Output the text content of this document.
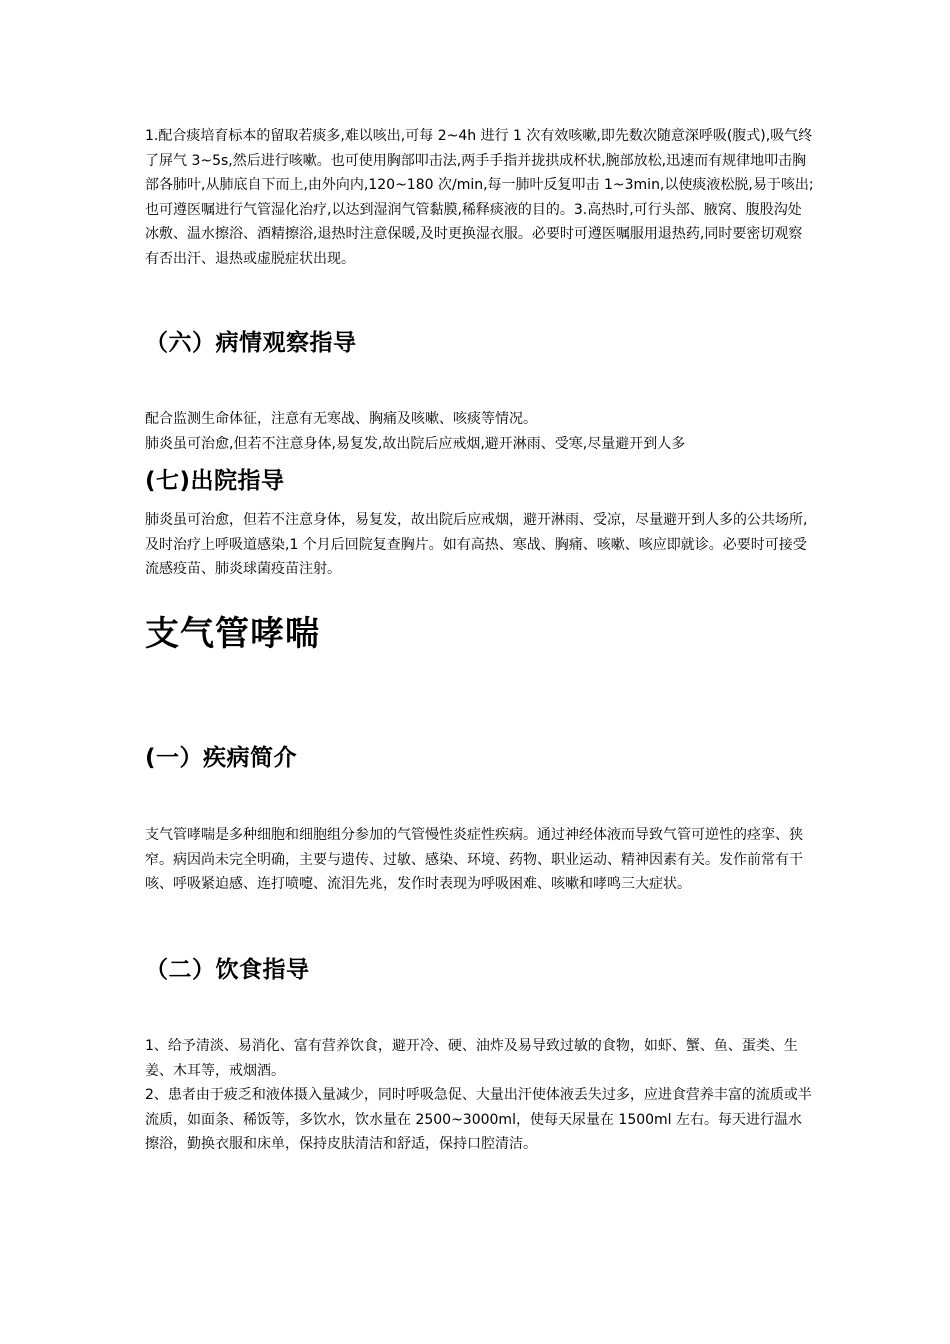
1.配合痰培育标本的留取若痰多,难以咳出,可每 2~4h 进行 1 次有效咳嗽,即先数次随意深呼吸(腹式),吸气终了屏气 3~5s,然后进行咳嗽。也可使用胸部叩击法,两手手指并拢拱成杯状,腕部放松,迅速而有规律地叩击胸部各肺叶,从肺底自下而上,由外向内,120~180 次/min,每一肺叶反复叩击 1~3min,以使痰液松脱,易于咳出;也可遵医嘱进行气管湿化治疗,以达到湿润气管黏膜,稀释痰液的目的。3.高热时,可行头部、腋窝、腹股沟处冰敷、温水擦浴、酒精擦浴,退热时注意保暖,及时更换湿衣服。必要时可遵医嘱服用退热药,同时要密切观察有否出汗、退热或虚脱症状出现。

（六）病情观察指导

配合监测生命体征，注意有无寒战、胸痛及咳嗽、咳痰等情况。

肺炎虽可治愈,但若不注意身体,易复发,故出院后应戒烟,避开淋雨、受寒,尽量避开到人多

(七)出院指导

肺炎虽可治愈，但若不注意身体，易复发，故出院后应戒烟，避开淋雨、受凉，尽量避开到人多的公共场所,及时治疗上呼吸道感染,1 个月后回院复查胸片。如有高热、寒战、胸痛、咳嗽、咳应即就诊。必要时可接受流感疫苗、肺炎球菌疫苗注射。

支气管哮喘
(一）疾病简介

支气管哮喘是多种细胞和细胞组分参加的气管慢性炎症性疾病。通过神经体液而导致气管可逆性的痉挛、狭窄。病因尚未完全明确，主要与遗传、过敏、感染、环境、药物、职业运动、精神因素有关。发作前常有干咳、呼吸紧迫感、连打喷嚏、流泪先兆，发作时表现为呼吸困难、咳嗽和哮鸣三大症状。

（二）饮食指导

1、给予清淡、易消化、富有营养饮食，避开冷、硬、油炸及易导致过敏的食物，如虾、蟹、鱼、蛋类、生姜、木耳等，戒烟酒。

2、患者由于疲乏和液体摄入量减少，同时呼吸急促、大量出汗使体液丢失过多，应进食营养丰富的流质或半流质，如面条、稀饭等，多饮水，饮水量在 2500~3000ml，使每天尿量在 1500ml 左右。每天进行温水擦浴，勤换衣服和床单，保持皮肤清洁和舒适，保持口腔清洁。
